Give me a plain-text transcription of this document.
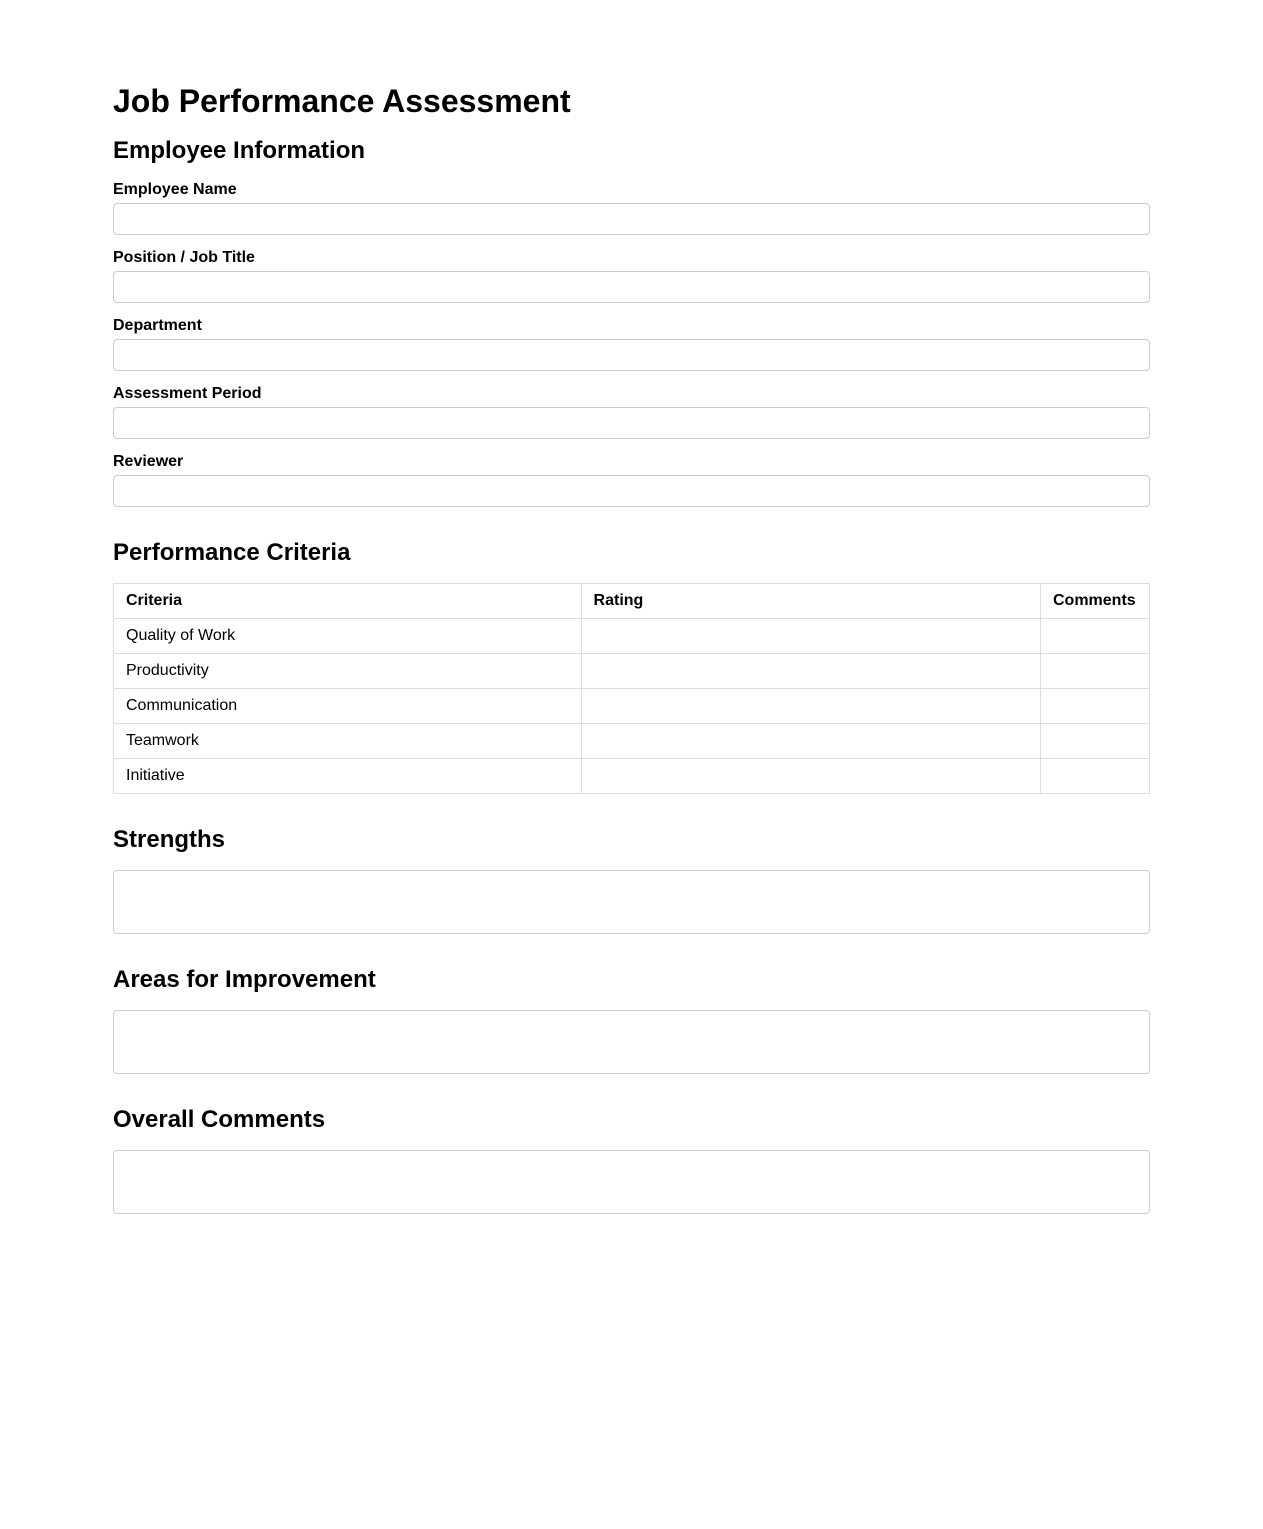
Job Performance Assessment
Employee Information
Employee Name
Position / Job Title
Department
Assessment Period
Reviewer
Performance Criteria
Criteria	Rating	Comments
Quality of Work		
Productivity		
Communication		
Teamwork		
Initiative		
Strengths
Areas for Improvement
Overall Comments
